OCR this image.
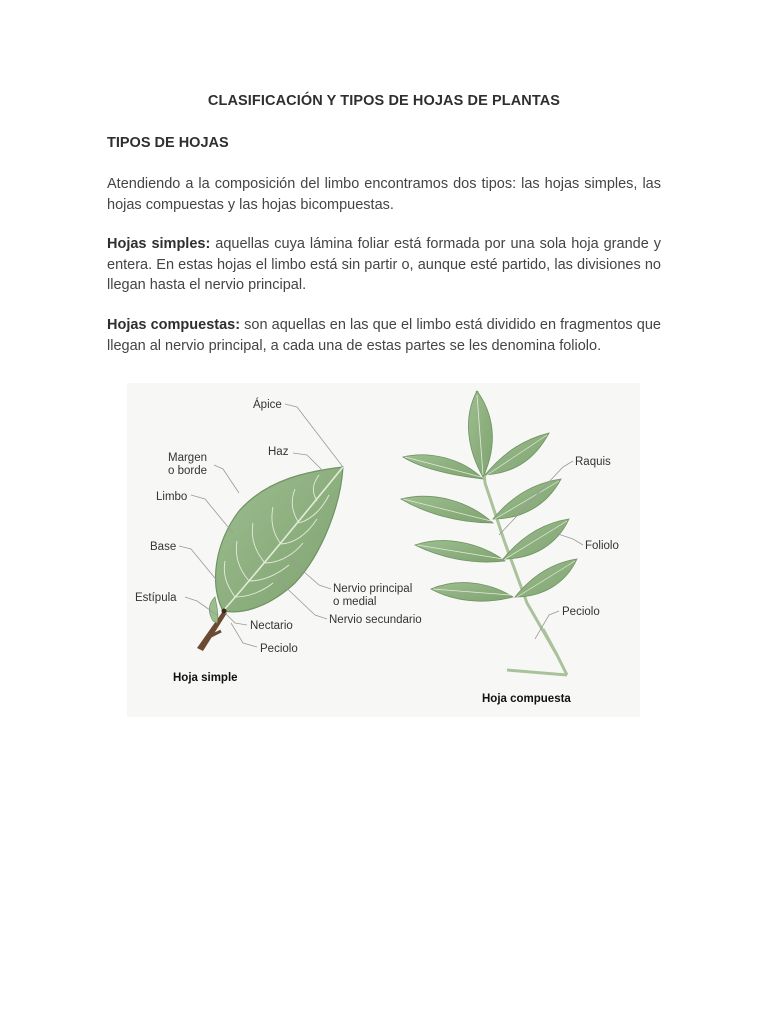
CLASIFICACIÓN Y TIPOS DE HOJAS DE PLANTAS
TIPOS DE HOJAS
Atendiendo a la composición del limbo encontramos dos tipos: las hojas simples, las hojas compuestas y las hojas bicompuestas.
Hojas simples: aquellas cuya lámina foliar está formada por una sola hoja grande y entera. En estas hojas el limbo está sin partir o, aunque esté partido, las divisiones no llegan hasta el nervio principal.
Hojas compuestas: son aquellas en las que el limbo está dividido en fragmentos que llegan al nervio principal, a cada una de estas partes se les denomina foliolo.
Ápice
Haz
Margen
o borde
Limbo
Base
Estípula
Nectario
Peciolo
Nervio principal
o medial
Nervio secundario
Hoja simple
Raquis
Foliolo
Peciolo
Hoja compuesta
